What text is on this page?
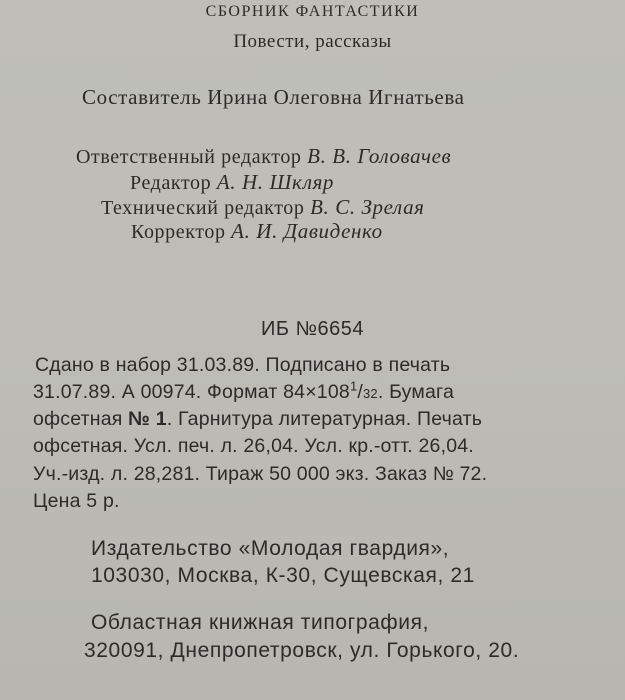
СБОРНИК ФАНТАСТИКИ
Повести, рассказы
Составитель Ирина Олеговна Игнатьева
Ответственный редактор В. В. Головачев
Редактор А. Н. Шкляр
Технический редактор В. С. Зрелая
Корректор А. И. Давиденко
ИБ №6654
Сдано в набор 31.03.89. Подписано в печать
31.07.89. А 00974. Формат $84\times 108^1/32$. Бумага
офсетная № 1. Гарнитура литературная. Печать
офсетная. Усл. печ. л. 26,04. Усл. кр.-отт. 26,04.
Уч.-изд. л. 28,281. Тираж 50 000 экз. Заказ № 72.
Цена 5 р.
Издательство «Молодая гвардия»,
103030, Москва, К-30, Сущевская, 21
Областная книжная типография,
320091, Днепропетровск, ул. Горького, 20.
